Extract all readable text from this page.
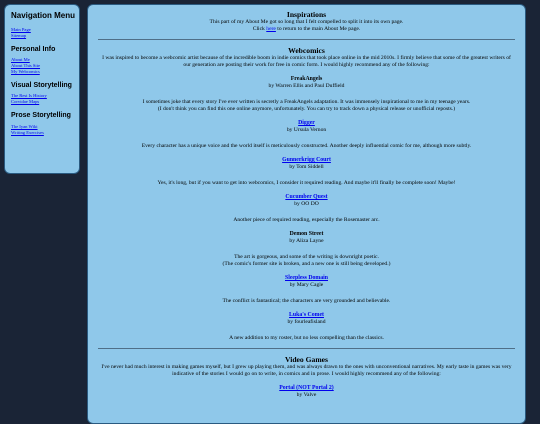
Navigation Menu
Main Page
Sitemap
Personal Info
About Me
About This Site
My Webcomics
Visual Storytelling
The Rest Is History
Corvidae Maps
Prose Storytelling
The Iyan Wiki
Writing Exercises
Inspirations

This part of my About Me got so long that I felt compelled to split it into its own page.

Click here to return to the main About Me page.

Webcomics

I was inspired to become a webcomic artist because of the incredible boom in indie comics that took place online in the mid 2010s. I firmly believe that some of the greatest writers of our generation are posting their work for free in comic form. I would highly recommend any of the following:

FreakAngels
by Warren Ellis and Paul Duffield

I sometimes joke that every story I've ever written is secretly a FreakAngels adaptation. It was immensely inspirational to me in my teenage years.

(I don't think you can find this one online anymore, unfortunately. You can try to track down a physical release or unofficial reposts.)

Digger
by Ursula Vernon

Every character has a unique voice and the world itself is meticulously constructed. Another deeply influential comic for me, although more subtly.

Gunnerkrigg Court
by Tom Siddell

Yes, it's long, but if you want to get into webcomics, I consider it required reading. And maybe it'll finally be complete soon! Maybe!

Cucumber Quest
by OO DO

Another piece of required reading, especially the Rosemaster arc.

Demon Street
by Aliza Layne

The art is gorgeous, and some of the writing is downright poetic.

(The comic's former site is broken, and a new one is still being developed.)

Sleepless Domain
by Mary Cagle

The conflict is fantastical; the characters are very grounded and believable.

Luka's Comet
by fourleafisland

A new addition to my roster, but no less compelling than the classics.

Video Games

I've never had much interest in making games myself, but I grew up playing them, and was always drawn to the ones with unconventional narratives. My early taste in games was very indicative of the stories I would go on to write, in comics and in prose. I would highly recommend any of the following:

Portal (NOT Portal 2)
by Valve
